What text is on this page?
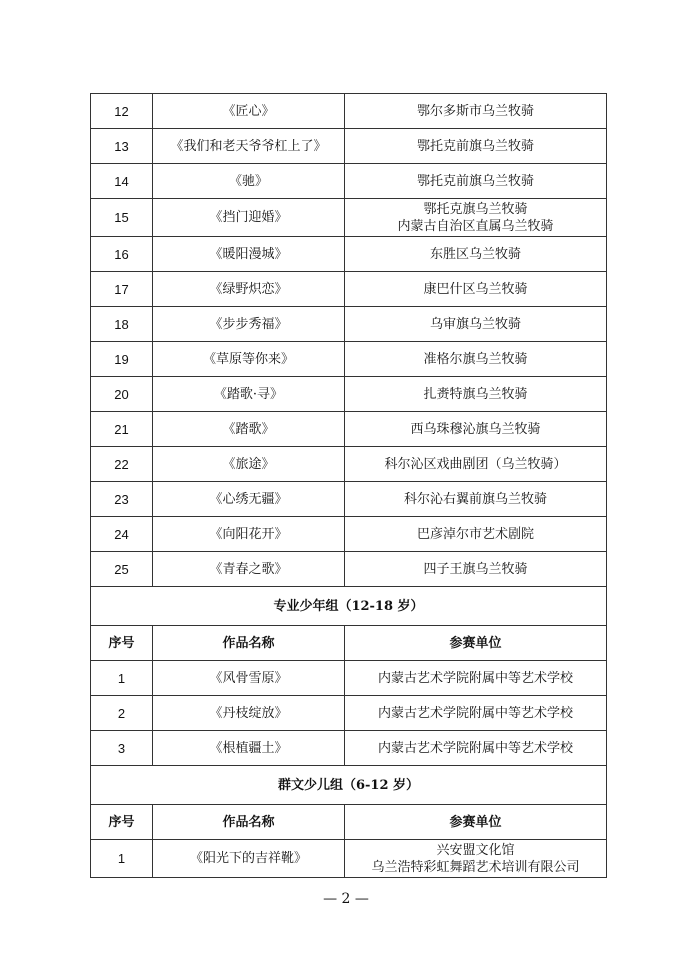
12	《匠心》	鄂尔多斯市乌兰牧骑

13	《我们和老天爷爷杠上了》	鄂托克前旗乌兰牧骑

14	《驰》	鄂托克前旗乌兰牧骑

15	《挡门迎婚》	鄂托克旗乌兰牧骑
内蒙古自治区直属乌兰牧骑

16	《暖阳漫城》	东胜区乌兰牧骑

17	《绿野炽恋》	康巴什区乌兰牧骑

18	《步步秀福》	乌审旗乌兰牧骑

19	《草原等你来》	准格尔旗乌兰牧骑

20	《踏歌·寻》	扎赉特旗乌兰牧骑

21	《踏歌》	西乌珠穆沁旗乌兰牧骑

22	《旅途》	科尔沁区戏曲剧团（乌兰牧骑）

23	《心绣无疆》	科尔沁右翼前旗乌兰牧骑

24	《向阳花开》	巴彦淖尔市艺术剧院

25	《青春之歌》	四子王旗乌兰牧骑

专业少年组（12-18 岁）		
序号	作品名称	参赛单位
1	《风骨雪原》	内蒙古艺术学院附属中等艺术学校

2	《丹枝绽放》	内蒙古艺术学院附属中等艺术学校

3	《根植疆土》	内蒙古艺术学院附属中等艺术学校

群文少儿组（6-12 岁）		
序号	作品名称	参赛单位
1	《阳光下的吉祥靴》	兴安盟文化馆
乌兰浩特彩虹舞蹈艺术培训有限公司
— 2 —
